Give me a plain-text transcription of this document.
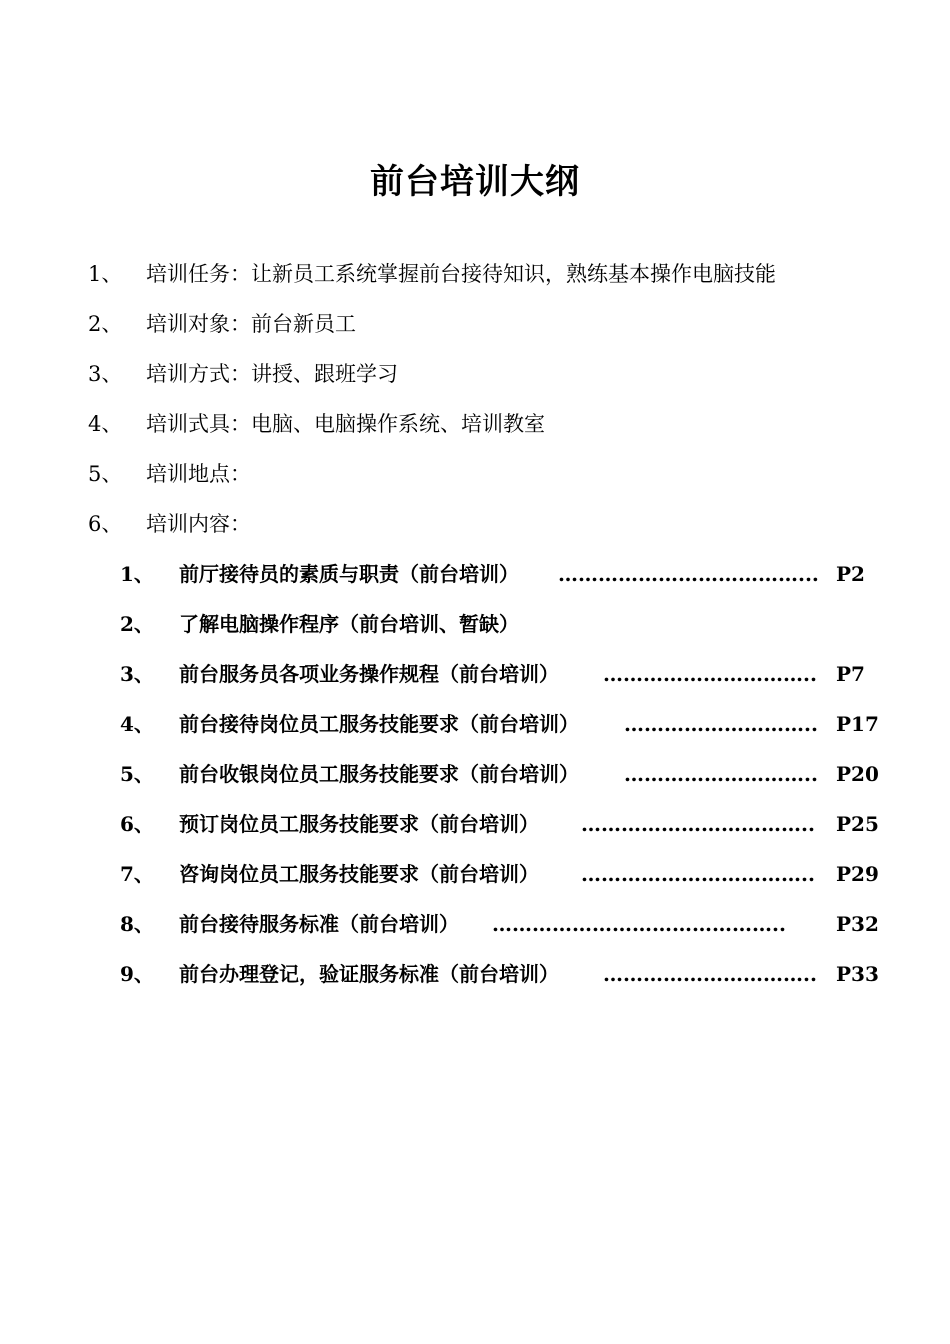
前台培训大纲
1、 培训任务：让新员工系统掌握前台接待知识，熟练基本操作电脑技能
2、 培训对象：前台新员工
3、 培训方式：讲授、跟班学习
4、 培训式具：电脑、电脑操作系统、培训教室
5、 培训地点：
6、 培训内容：
1、 前厅接待员的素质与职责（前台培训） ………………………………... P2
2、 了解电脑操作程序（前台培训、暂缺）
3、 前台服务员各项业务操作规程（前台培训） ………………………….. P7
4、 前台接待岗位员工服务技能要求（前台培训） ……………………….. P17
5、 前台收银岗位员工服务技能要求（前台培训） ……………………….. P20
6、 预订岗位员工服务技能要求（前台培训） ……………………………..	P25
7、 咨询岗位员工服务技能要求（前台培训） ……………………………..	P29
8、 前台接待服务标准（前台培训） ……………………………………..	P32
9、 前台办理登记，验证服务标准（前台培训） ………………………….. P33
